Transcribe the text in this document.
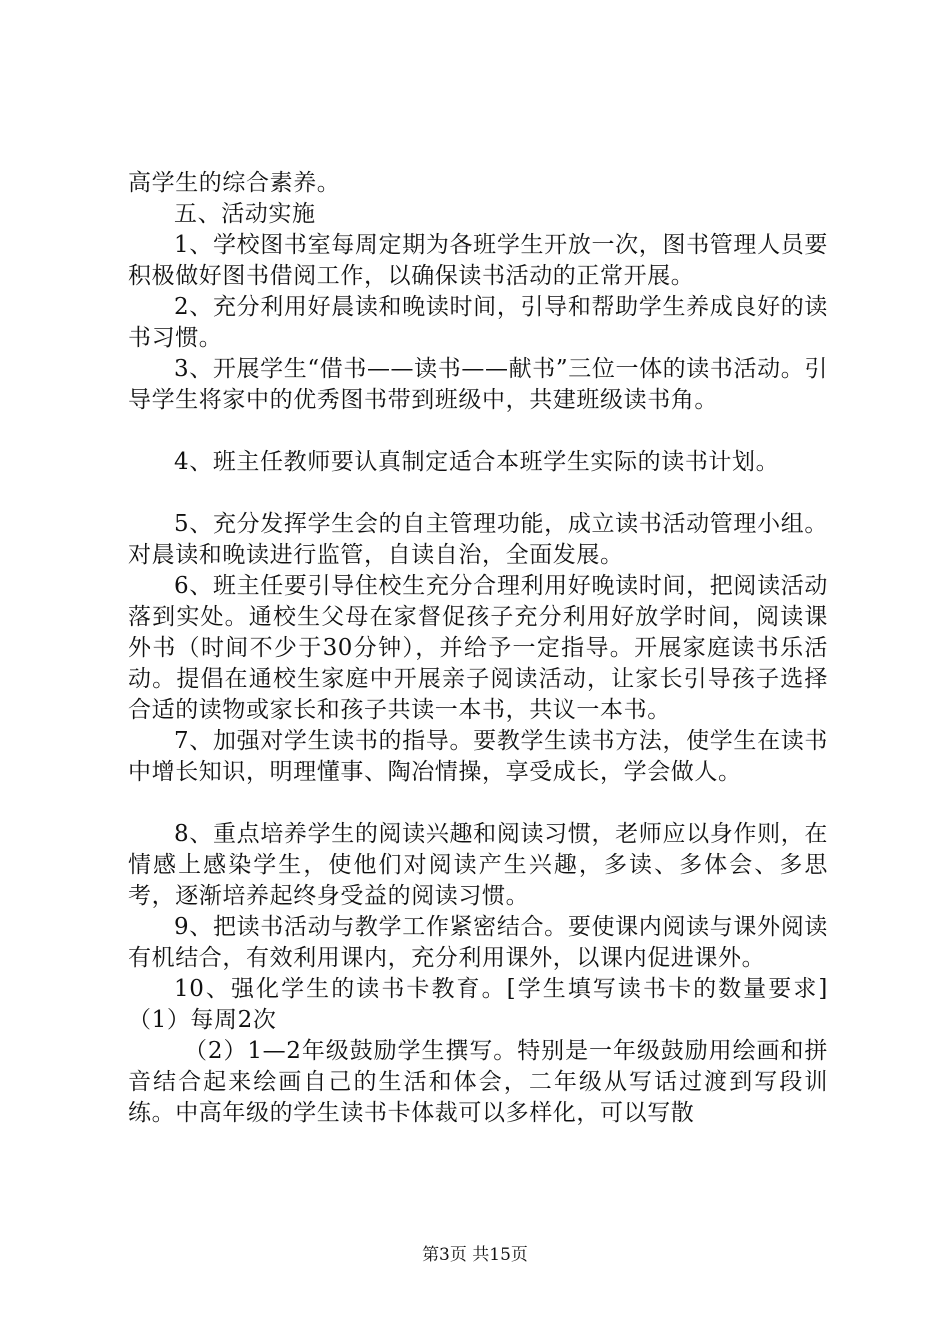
高学生的综合素养。

五、活动实施

1、学校图书室每周定期为各班学生开放一次，图书管理人员要积极做好图书借阅工作，以确保读书活动的正常开展。

2、充分利用好晨读和晚读时间，引导和帮助学生养成良好的读书习惯。

3、开展学生“借书——读书——献书”三位一体的读书活动。引导学生将家中的优秀图书带到班级中，共建班级读书角。

4、班主任教师要认真制定适合本班学生实际的读书计划。

5、充分发挥学生会的自主管理功能，成立读书活动管理小组。对晨读和晚读进行监管，自读自治，全面发展。

6、班主任要引导住校生充分合理利用好晚读时间，把阅读活动落到实处。通校生父母在家督促孩子充分利用好放学时间，阅读课外书（时间不少于30分钟），并给予一定指导。开展家庭读书乐活动。提倡在通校生家庭中开展亲子阅读活动，让家长引导孩子选择合适的读物或家长和孩子共读一本书，共议一本书。

7、加强对学生读书的指导。要教学生读书方法，使学生在读书中增长知识，明理懂事、陶冶情操，享受成长，学会做人。

8、重点培养学生的阅读兴趣和阅读习惯，老师应以身作则，在情感上感染学生，使他们对阅读产生兴趣，多读、多体会、多思考，逐渐培养起终身受益的阅读习惯。

9、把读书活动与教学工作紧密结合。要使课内阅读与课外阅读有机结合，有效利用课内，充分利用课外，以课内促进课外。

10、强化学生的读书卡教育。[学生填写读书卡的数量要求]（1）每周2次

（2）1—2年级鼓励学生撰写。特别是一年级鼓励用绘画和拼音结合起来绘画自己的生活和体会，二年级从写话过渡到写段训练。中高年级的学生读书卡体裁可以多样化，可以写散

第3页 共15页
